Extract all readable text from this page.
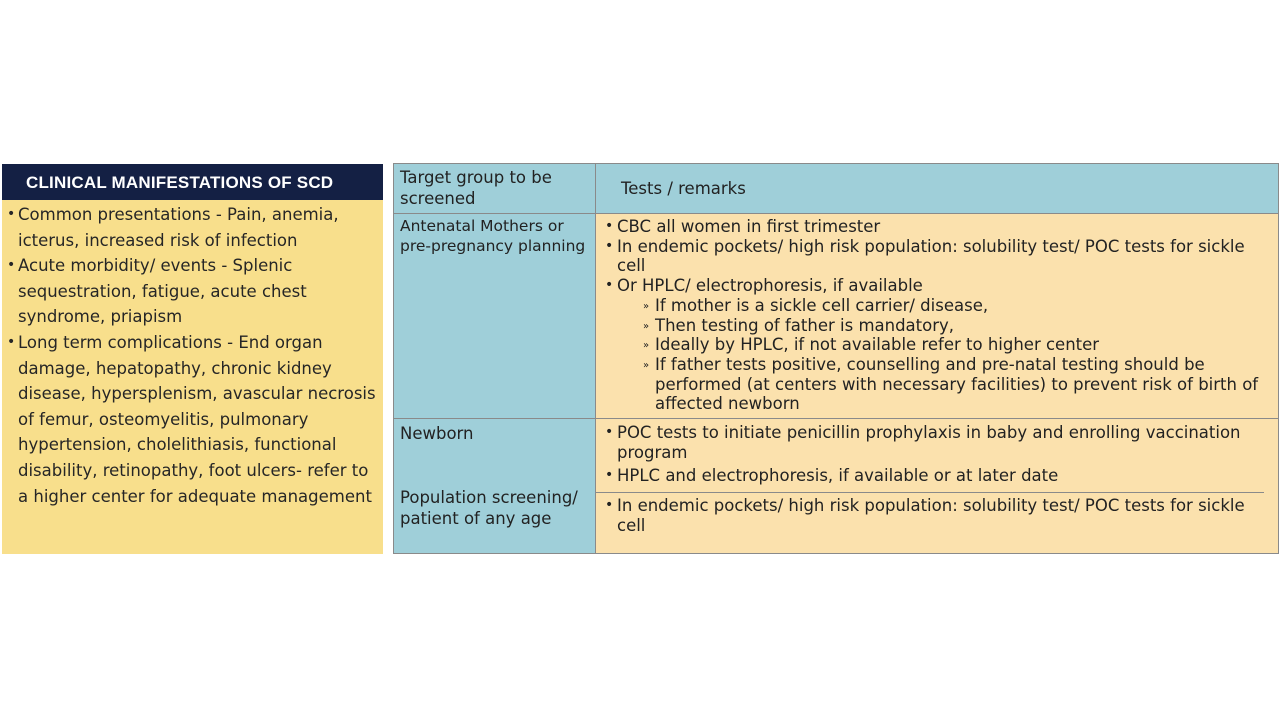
CLINICAL MANIFESTATIONS OF SCD
• Common presentations - Pain, anemia, icterus, increased risk of infection
• Acute morbidity/ events - Splenic sequestration, fatigue, acute chest syndrome, priapism
• Long term complications - End organ damage, hepatopathy, chronic kidney disease, hypersplenism, avascular necrosis of femur, osteomyelitis, pulmonary hypertension, cholelithiasis, functional disability, retinopathy, foot ulcers- refer to a higher center for adequate management
Target group to be screened
Tests / remarks
Antenatal Mothers or pre-pregnancy planning
• CBC all women in first trimester
• In endemic pockets/ high risk population: solubility test/ POC tests for sickle cell
• Or HPLC/ electrophoresis, if available
» If mother is a sickle cell carrier/ disease,
» Then testing of father is mandatory,
» Ideally by HPLC, if not available refer to higher center
» If father tests positive, counselling and pre-natal testing should be performed (at centers with necessary facilities) to prevent risk of birth of affected newborn
Newborn	• POC tests to initiate penicillin prophylaxis in baby and enrolling vaccination program
• HPLC and electrophoresis, if available or at later date
Population screening/ patient of any age
• In endemic pockets/ high risk population: solubility test/ POC tests for sickle cell
